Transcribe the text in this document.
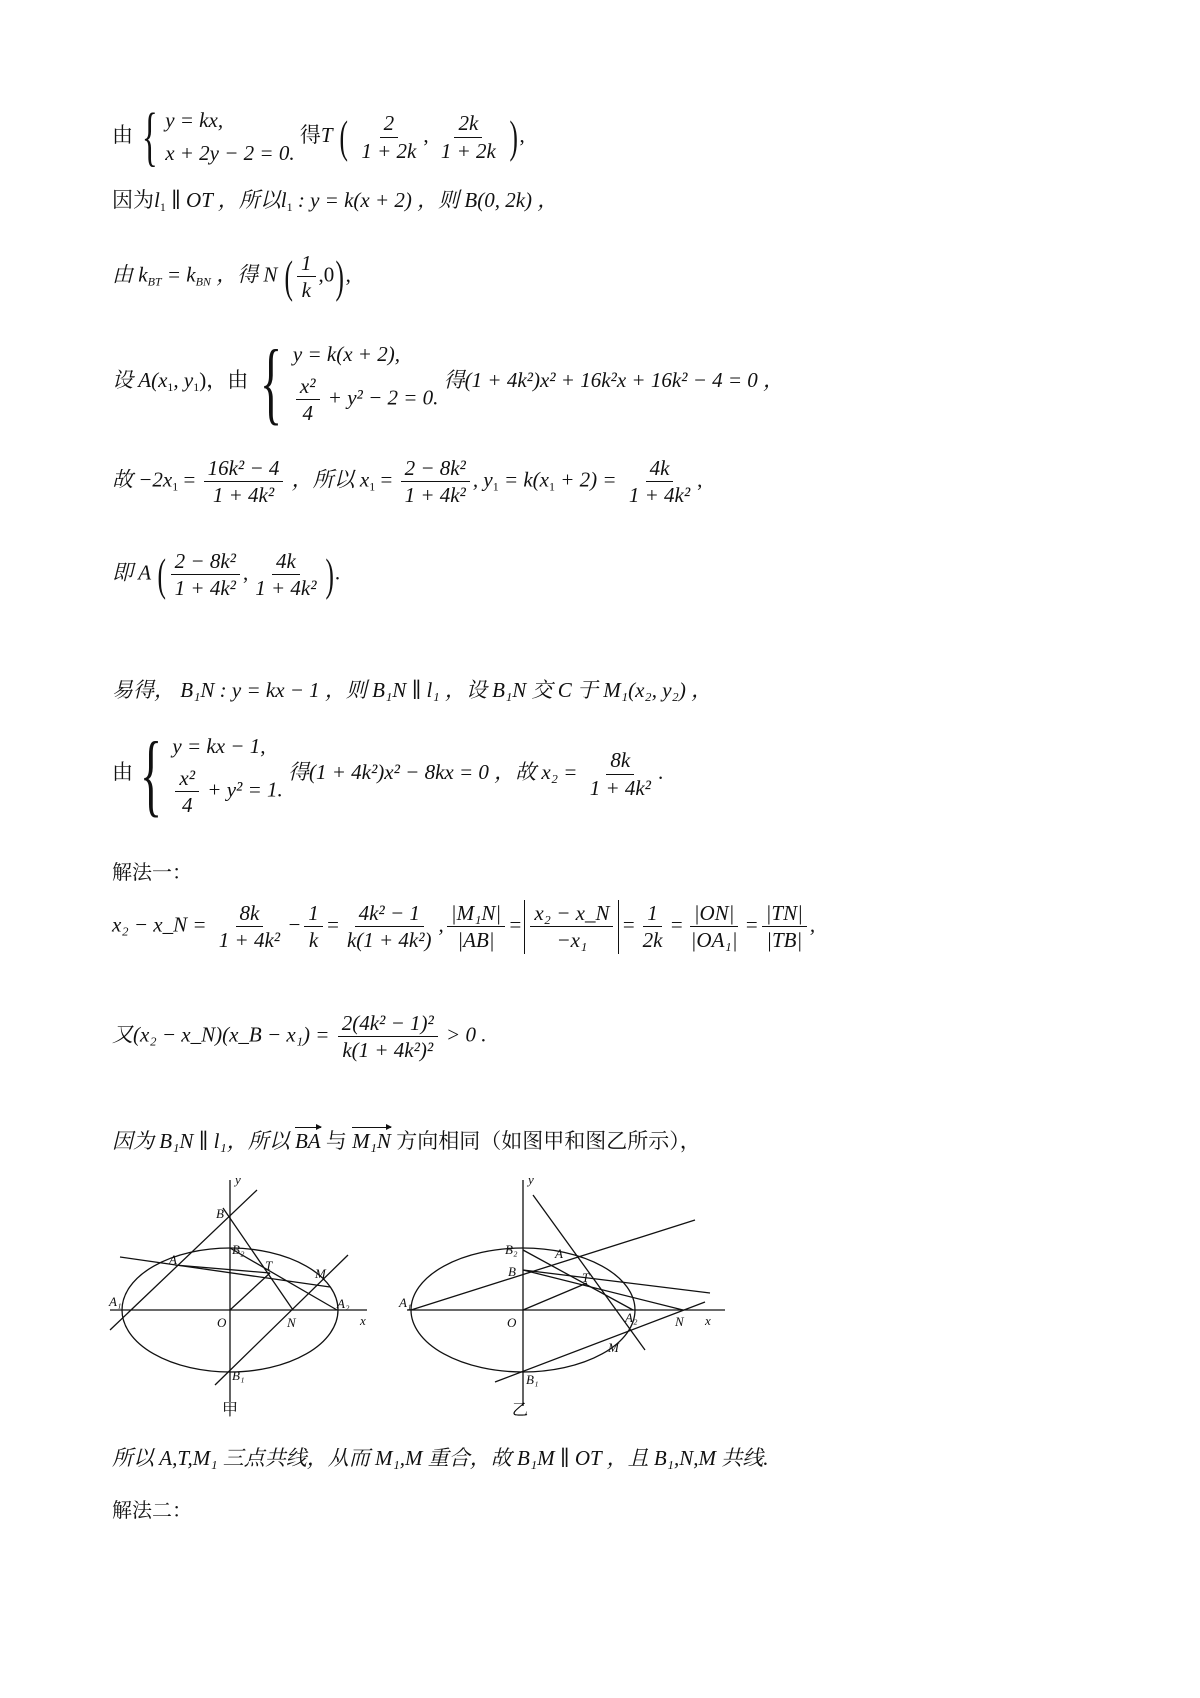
由 { y = kx,
x + 2y − 2 = 0.
得T ( $\frac{2}{1 + 2k}$ , $\frac{2k}{1 + 2k}$ ),
因为$l_1$ ∥ OT ，所以$l_1$ : y = k(x + 2) ，则 B(0, 2k) ，
由 $k_{BT} = k_{BN}$ ，得 N ( $\frac{1}{k} ,0$),
设 $A(x_1$, $y_1$)，由 { y = k(x + 2),
$\frac{\text{x²}}{4} + y^2 - 2 = 0$.
得(1 + 4k²)x² + 16k²x + 16k² − 4 = 0 ，
故 $-2x_1 = \frac{\text{16k² − 4}}{\text{1 + 4k²}}$ ，所以 $x_1 = \frac{\text{2 − 8k²}}{\text{1 + 4k²}}$ , $y_1 = k(x_1 + 2) = \frac{4k}{\text{1 + 4k²}}$ ,
即 A ( $\frac{\text{2 − 8k²}}{\text{1 + 4k²}}$ , $\frac{4k}{\text{1 + 4k²}}$ ).
易得， B₁N : y = kx − 1 ，则 B₁N ∥ l₁ ，设 B₁N 交 C 于 M₁(x₂, y₂) ，
由{ y = kx − 1,
$\frac{\text{x²}}{4} + y^2 = 1$.
得(1 + 4k²)x² − 8kx = 0 ，故 $x_2 = \frac{8k}{\text{1 + 4k²}}$ .
解法一：
x₂ − x_N = $\frac{8k}{\text{1 + 4k²}} - \frac{1}{k} = \frac{\text{4k² − 1}}{\text{k(1 + 4k²)}}$ , $\frac{\text{|M₁N|}}{|AB|} = \frac{\text{x₂ − x\_N}}{\text{−x₁}} = \frac{1}{2k} = \frac{|ON|}{\text{|OA₁|}} = \frac{|TN|}{|TB|}$ ,
又(x₂ − x_N)(x_B − $x_1) = \frac{\text{2(4k² − 1)²}}{\text{k(1 + 4k²)²}} > 0$ .
因为 B₁N ∥ l₁，所以 BA 与 M₁N 方向相同（如图甲和图乙所示），
y
x
O
A
A₁	A₂
B
B₂
B₁
T
M
N
甲
y
x
O
A
A₁
A₂
B
B₂
B₁
T
M
N
乙
所以 A,T,M₁ 三点共线，从而 M₁,M 重合，故 B₁M ∥ OT ，且 B₁,N,M 共线.
解法二：
